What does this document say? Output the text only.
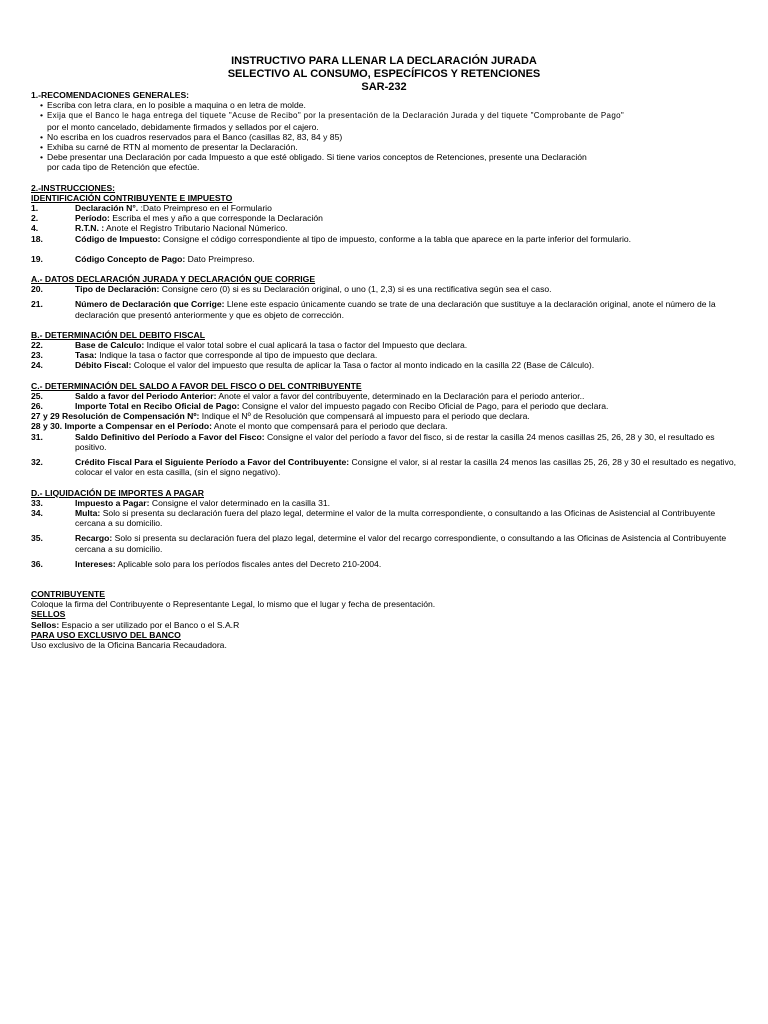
INSTRUCTIVO PARA LLENAR LA DECLARACIÓN JURADA
SELECTIVO AL CONSUMO, ESPECÍFICOS Y RETENCIONES
SAR-232
1.-RECOMENDACIONES GENERALES:
• Escriba con letra clara, en lo posible a maquina o en letra de molde.
• Exija que el Banco le haga entrega del tiquete "Acuse de Recibo" por la presentación de la Declaración Jurada y del tiquete "Comprobante de Pago"
por el monto cancelado, debidamente firmados y sellados por el cajero.
• No escriba en los cuadros reservados para el Banco (casillas 82, 83, 84 y 85)
• Exhiba su carné de RTN al momento de presentar la Declaración.
• Debe presentar una Declaración por cada Impuesto a que esté obligado. Si tiene varios conceptos de Retenciones, presente una Declaración
por cada tipo de Retención que efectúe.
2.-INSTRUCCIONES:
IDENTIFICACIÓN CONTRIBUYENTE E IMPUESTO
1.	Declaración N°. :Dato Preimpreso en el Formulario
2.	Período: Escriba el mes y año a que corresponde la Declaración
4.	R.T.N. : Anote el Registro Tributario Nacional Númerico.
18.	Código de Impuesto: Consigne el código correspondiente al tipo de impuesto, conforme a la tabla que aparece en la parte inferior del formulario.
19.	Código Concepto de Pago: Dato Preimpreso.
A.- DATOS DECLARACIÓN JURADA Y DECLARACIÓN QUE CORRIGE
20.	Tipo de Declaración: Consigne cero (0) si es su Declaración original, o uno (1, 2,3) si es una rectificativa según sea el caso.
21.	Número de Declaración que Corrige: Llene este espacio únicamente cuando se trate de una declaración que sustituye a la declaración original, anote el número de la declaración que presentó anteriormente y que es objeto de corrección.
B.- DETERMINACIÓN DEL DEBITO FISCAL
22.	Base de Calculo: Indique el valor total sobre el cual aplicará la tasa o factor del Impuesto que declara.
23.	Tasa: Indique la tasa o factor que corresponde al tipo de impuesto que declara.
24.	Débito Fiscal: Coloque el valor del impuesto que resulta de aplicar la Tasa o factor al monto indicado en la casilla 22 (Base de Cálculo).
C.- DETERMINACIÓN DEL SALDO A FAVOR DEL FISCO O DEL CONTRIBUYENTE
25.	Saldo a favor del Periodo Anterior: Anote el valor a favor del contribuyente, determinado en la Declaración para el periodo anterior..
26.	Importe Total en Recibo Oficial de Pago: Consigne el valor del impuesto pagado con Recibo Oficial de Pago, para el periodo que declara.
27 y 29 Resolución de Compensación Nº: Indique el Nº de Resolución que compensará al impuesto para el periodo que declara.
28 y 30. Importe a Compensar en el Período: Anote el monto que compensará para el periodo que declara.
31.	Saldo Definitivo del Período a Favor del Fisco: Consigne el valor del período a favor del fisco, si de restar la casilla 24 menos casillas 25, 26, 28 y 30, el resultado es positivo.
32.	Crédito Fiscal Para el Siguiente Período a Favor del Contribuyente: Consigne el valor, si al restar la casilla 24 menos las casillas 25, 26, 28 y 30 el resultado es negativo, colocar el valor en esta casilla, (sin el signo negativo).
D.- LIQUIDACIÓN DE IMPORTES A PAGAR
33.	Impuesto a Pagar: Consigne el valor determinado en la casilla 31.
34.	Multa: Solo si presenta su declaración fuera del plazo legal, determine el valor de la multa correspondiente, o consultando a las Oficinas de Asistencial al Contribuyente cercana a su domicilio.
35.	Recargo: Solo si presenta su declaración fuera del plazo legal, determine el valor del recargo correspondiente, o consultando a las Oficinas de Asistencia al Contribuyente cercana a su domicilio.
36.	Intereses: Aplicable solo para los períodos fiscales antes del Decreto 210-2004.
CONTRIBUYENTE
Coloque la firma del Contribuyente o Representante Legal, lo mismo que el lugar y fecha de presentación.
SELLOS
Sellos: Espacio a ser utilizado por el Banco o el S.A.R
PARA USO EXCLUSIVO DEL BANCO
Uso exclusivo de la Oficina Bancaria Recaudadora.
